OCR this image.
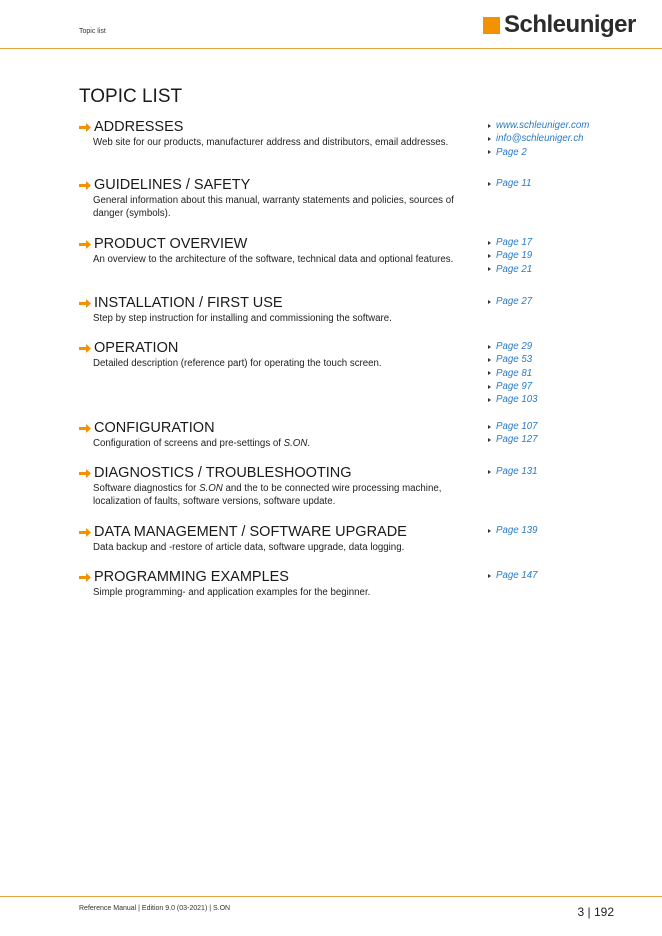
Topic list	Schleuniger
TOPIC LIST
ADDRESSES
Web site for our products, manufacturer address and distributors, email addresses.
www.schleuniger.com
info@schleuniger.ch
Page 2
GUIDELINES / SAFETY
General information about this manual, warranty statements and policies, sources of danger (symbols).
Page 11
PRODUCT OVERVIEW
An overview to the architecture of the software, technical data and optional features.
Page 17
Page 19
Page 21
INSTALLATION / FIRST USE
Step by step instruction for installing and commissioning the software.
Page 27
OPERATION
Detailed description (reference part) for operating the touch screen.
Page 29
Page 53
Page 81
Page 97
Page 103
CONFIGURATION
Configuration of screens and pre-settings of S.ON.
Page 107
Page 127
DIAGNOSTICS / TROUBLESHOOTING
Software diagnostics for S.ON and the to be connected wire processing machine, localization of faults, software versions, software update.
Page 131
DATA MANAGEMENT / SOFTWARE UPGRADE
Data backup and -restore of article data, software upgrade, data logging.
Page 139
PROGRAMMING EXAMPLES
Simple programming- and application examples for the beginner.
Page 147
Reference Manual | Edition 9.0 (03-2021) | S.ON	3 | 192
